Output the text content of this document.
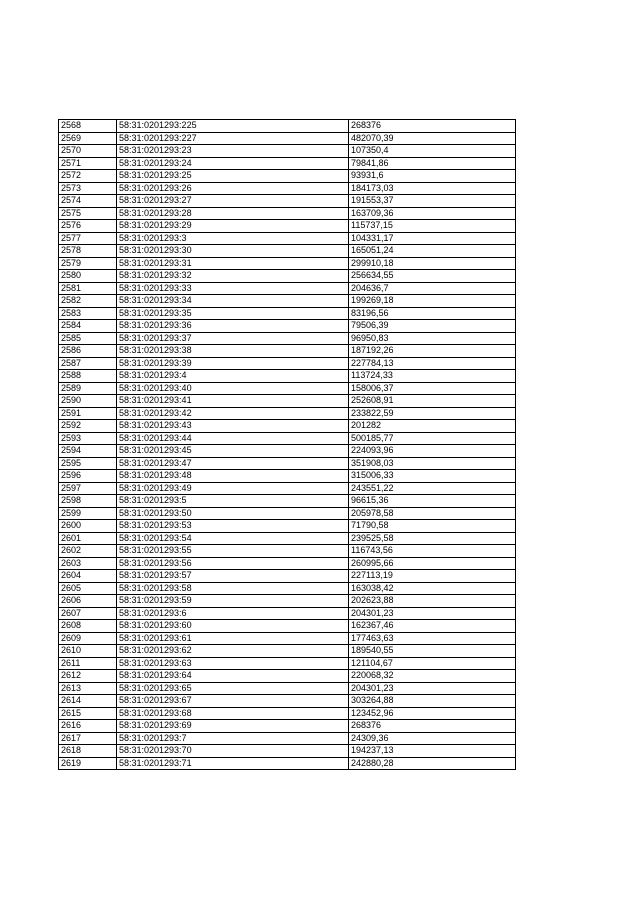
2568	58:31:0201293:225	268376
2569	58:31:0201293:227	482070,39
2570	58:31:0201293:23	107350,4
2571	58:31:0201293:24	79841,86
2572	58:31:0201293:25	93931,6
2573	58:31:0201293:26	184173,03
2574	58:31:0201293:27	191553,37
2575	58:31:0201293:28	163709,36
2576	58:31:0201293:29	115737,15
2577	58:31:0201293:3	104331,17
2578	58:31:0201293:30	165051,24
2579	58:31:0201293:31	299910,18
2580	58:31:0201293:32	256634,55
2581	58:31:0201293:33	204636,7
2582	58:31:0201293:34	199269,18
2583	58:31:0201293:35	83196,56
2584	58:31:0201293:36	79506,39
2585	58:31:0201293:37	96950,83
2586	58:31:0201293:38	187192,26
2587	58:31:0201293:39	227784,13
2588	58:31:0201293:4	113724,33
2589	58:31:0201293:40	158006,37
2590	58:31:0201293:41	252608,91
2591	58:31:0201293:42	233822,59
2592	58:31:0201293:43	201282
2593	58:31:0201293:44	500185,77
2594	58:31:0201293:45	224093,96
2595	58:31:0201293:47	351908,03
2596	58:31:0201293:48	315006,33
2597	58:31:0201293:49	243551,22
2598	58:31:0201293:5	96615,36
2599	58:31:0201293:50	205978,58
2600	58:31:0201293:53	71790,58
2601	58:31:0201293:54	239525,58
2602	58:31:0201293:55	116743,56
2603	58:31:0201293:56	260995,66
2604	58:31:0201293:57	227113,19
2605	58:31:0201293:58	163038,42
2606	58:31:0201293:59	202623,88
2607	58:31:0201293:6	204301,23
2608	58:31:0201293:60	162367,46
2609	58:31:0201293:61	177463,63
2610	58:31:0201293:62	189540,55
2611	58:31:0201293:63	121104,67
2612	58:31:0201293:64	220068,32
2613	58:31:0201293:65	204301,23
2614	58:31:0201293:67	303264,88
2615	58:31:0201293:68	123452,96
2616	58:31:0201293:69	268376
2617	58:31:0201293:7	24309,36
2618	58:31:0201293:70	194237,13
2619	58:31:0201293:71	242880,28
